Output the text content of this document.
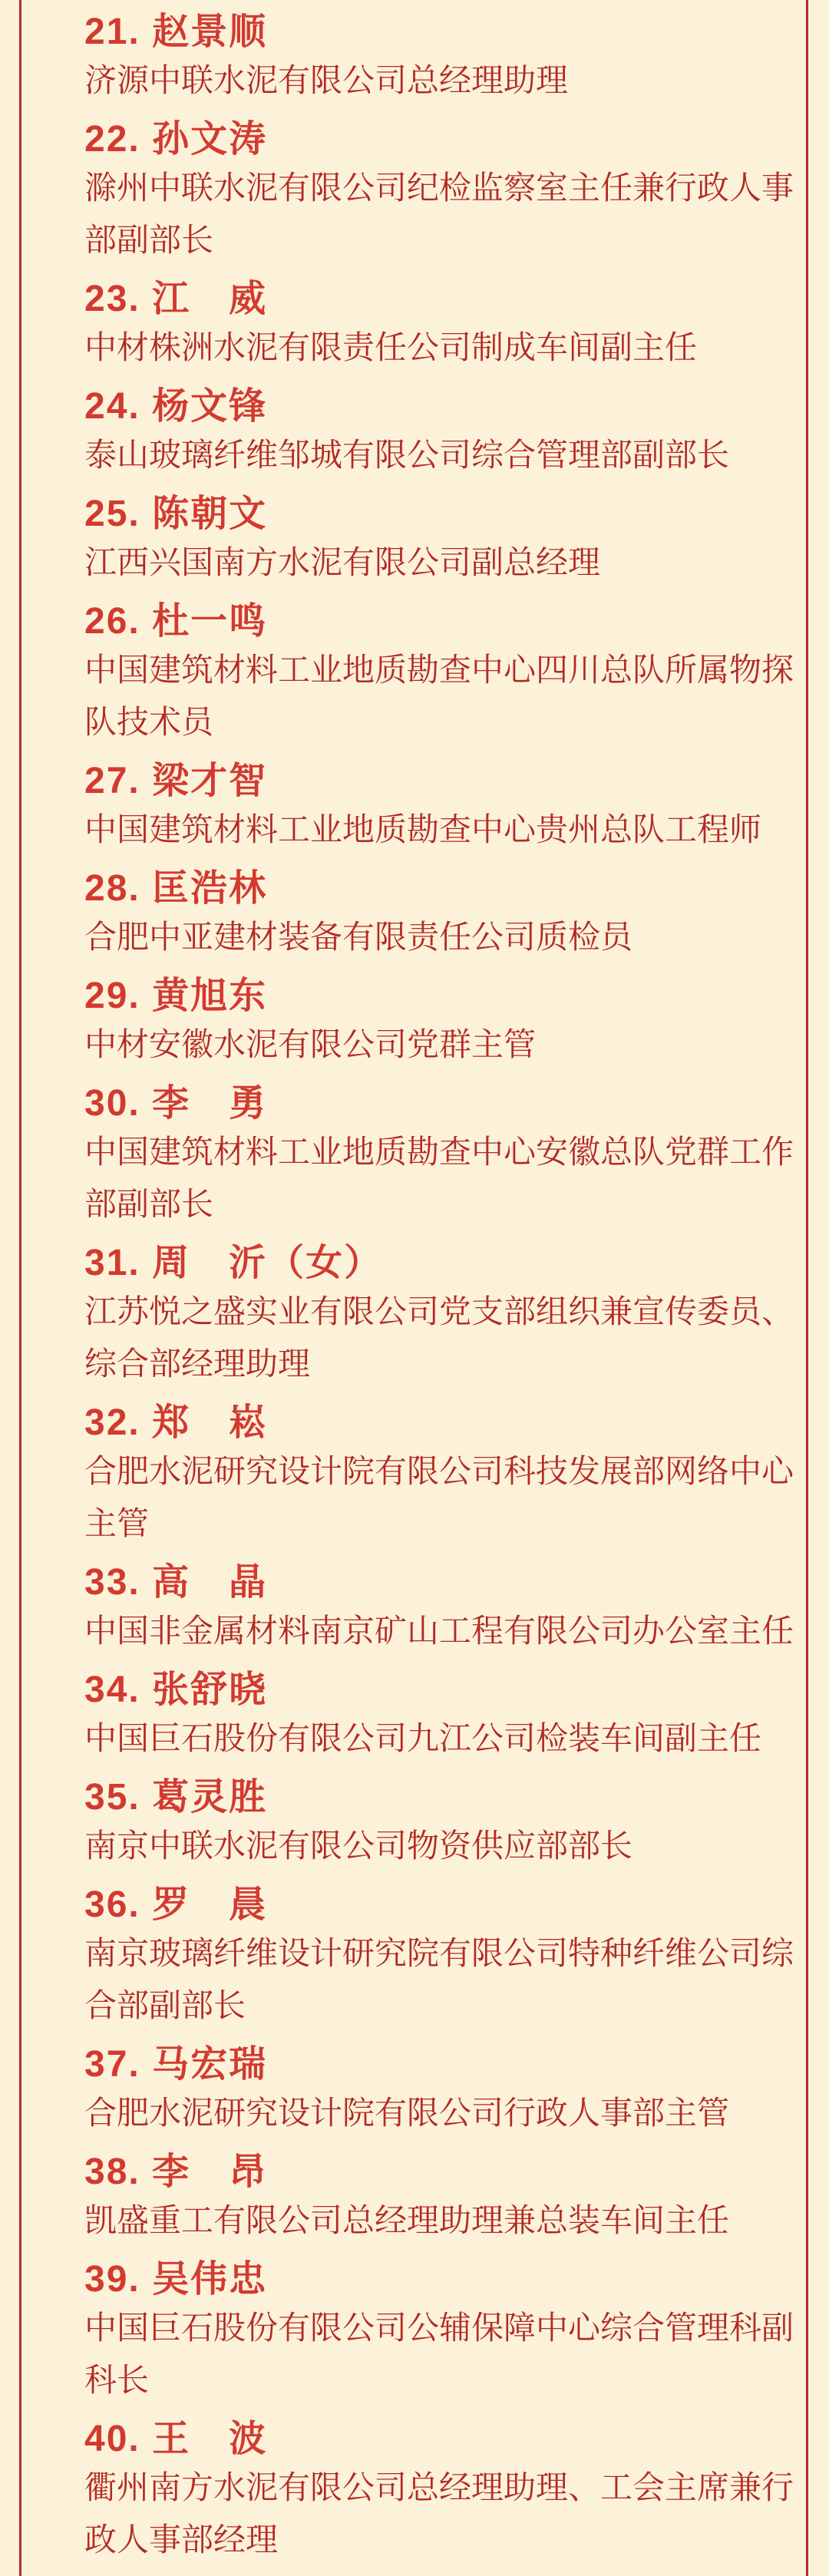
21. 赵景顺
济源中联水泥有限公司总经理助理
22. 孙文涛
滁州中联水泥有限公司纪检监察室主任兼行政人事部副部长
23. 江　威
中材株洲水泥有限责任公司制成车间副主任
24. 杨文锋
泰山玻璃纤维邹城有限公司综合管理部副部长
25. 陈朝文
江西兴国南方水泥有限公司副总经理
26. 杜一鸣
中国建筑材料工业地质勘查中心四川总队所属物探队技术员
27. 梁才智
中国建筑材料工业地质勘查中心贵州总队工程师
28. 匡浩林
合肥中亚建材装备有限责任公司质检员
29. 黄旭东
中材安徽水泥有限公司党群主管
30. 李　勇
中国建筑材料工业地质勘查中心安徽总队党群工作部副部长
31. 周　沂（女）
江苏悦之盛实业有限公司党支部组织兼宣传委员、综合部经理助理
32. 郑　崧
合肥水泥研究设计院有限公司科技发展部网络中心主管
33. 高　晶
中国非金属材料南京矿山工程有限公司办公室主任
34. 张舒晓
中国巨石股份有限公司九江公司检装车间副主任
35. 葛灵胜
南京中联水泥有限公司物资供应部部长
36. 罗　晨
南京玻璃纤维设计研究院有限公司特种纤维公司综合部副部长
37. 马宏瑞
合肥水泥研究设计院有限公司行政人事部主管
38. 李　昂
凯盛重工有限公司总经理助理兼总装车间主任
39. 吴伟忠
中国巨石股份有限公司公辅保障中心综合管理科副科长
40. 王　波
衢州南方水泥有限公司总经理助理、工会主席兼行政人事部经理
